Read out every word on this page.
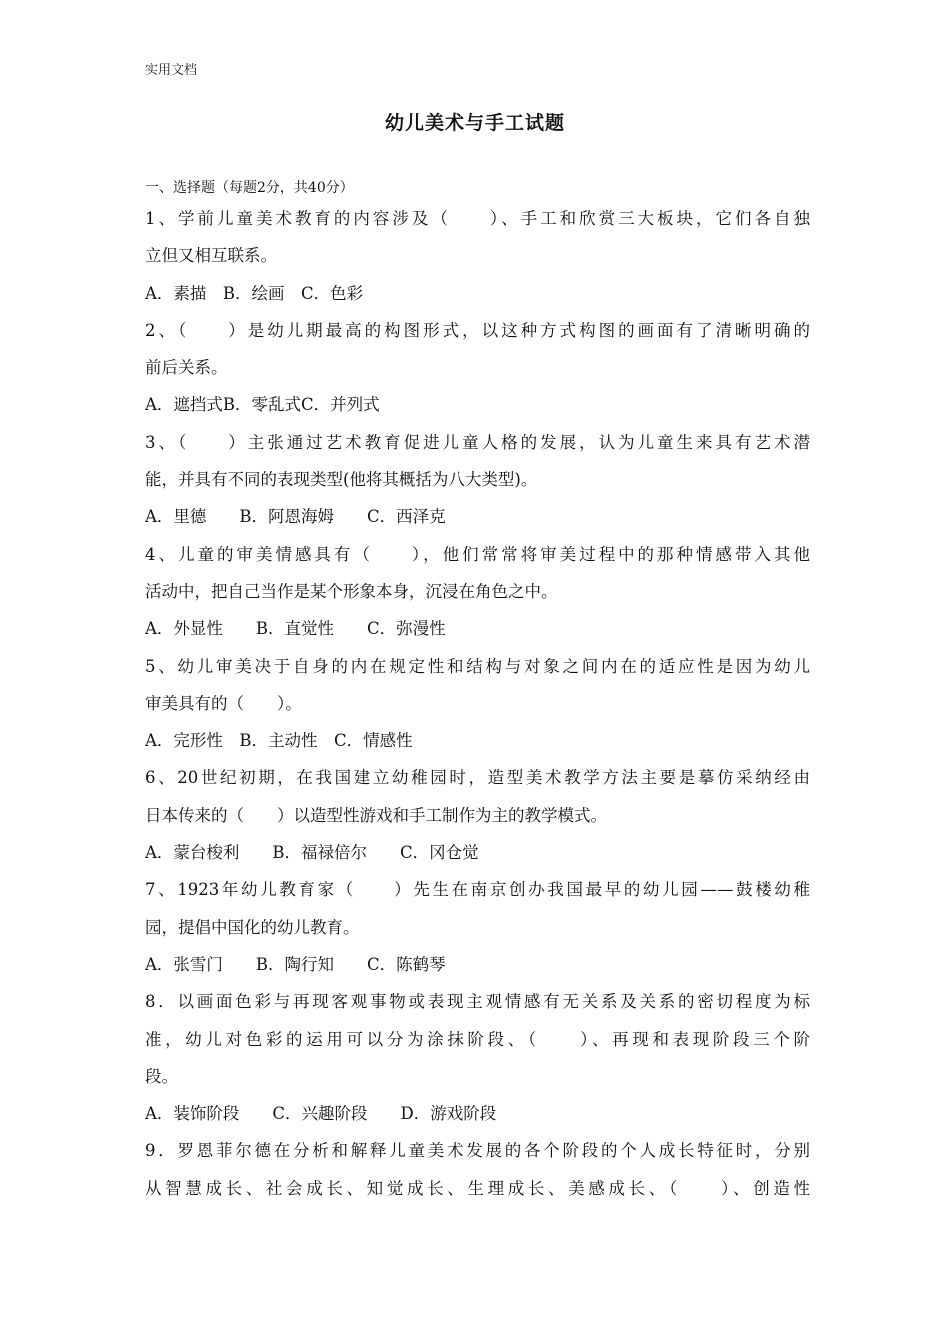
实用文档
幼儿美术与手工试题
一、选择题（每题2分，共40分）
1、学前儿童美术教育的内容涉及（　　）、手工和欣赏三大板块，它们各自独
立但又相互联系。
A．素描　B．绘画　C．色彩
2、（　　）是幼儿期最高的构图形式，以这种方式构图的画面有了清晰明确的
前后关系。
A．遮挡式B．零乱式C．并列式
3、（　　）主张通过艺术教育促进儿童人格的发展，认为儿童生来具有艺术潜
能，并具有不同的表现类型(他将其概括为八大类型)。
A．里德　　B．阿恩海姆　　C．西泽克
4、儿童的审美情感具有（　　），他们常常将审美过程中的那种情感带入其他
活动中，把自己当作是某个形象本身，沉浸在角色之中。
A．外显性　　B．直觉性　　C．弥漫性
5、幼儿审美决于自身的内在规定性和结构与对象之间内在的适应性是因为幼儿
审美具有的（　　）。
A．完形性　B．主动性　C．情感性
6、20世纪初期，在我国建立幼稚园时，造型美术教学方法主要是摹仿采纳经由
日本传来的（　　）以造型性游戏和手工制作为主的教学模式。
A．蒙台梭利　　B．福禄倍尔　　C．冈仓觉
7、1923年幼儿教育家（　　）先生在南京创办我国最早的幼儿园——鼓楼幼稚
园，提倡中国化的幼儿教育。
A．张雪门　　B．陶行知　　C．陈鹤琴
8．以画面色彩与再现客观事物或表现主观情感有无关系及关系的密切程度为标
准，幼儿对色彩的运用可以分为涂抹阶段、（　　）、再现和表现阶段三个阶
段。
A．装饰阶段　　C．兴趣阶段　　D．游戏阶段
9．罗恩菲尔德在分析和解释儿童美术发展的各个阶段的个人成长特征时，分别
从智慧成长、社会成长、知觉成长、生理成长、美感成长、（　　）、创造性
